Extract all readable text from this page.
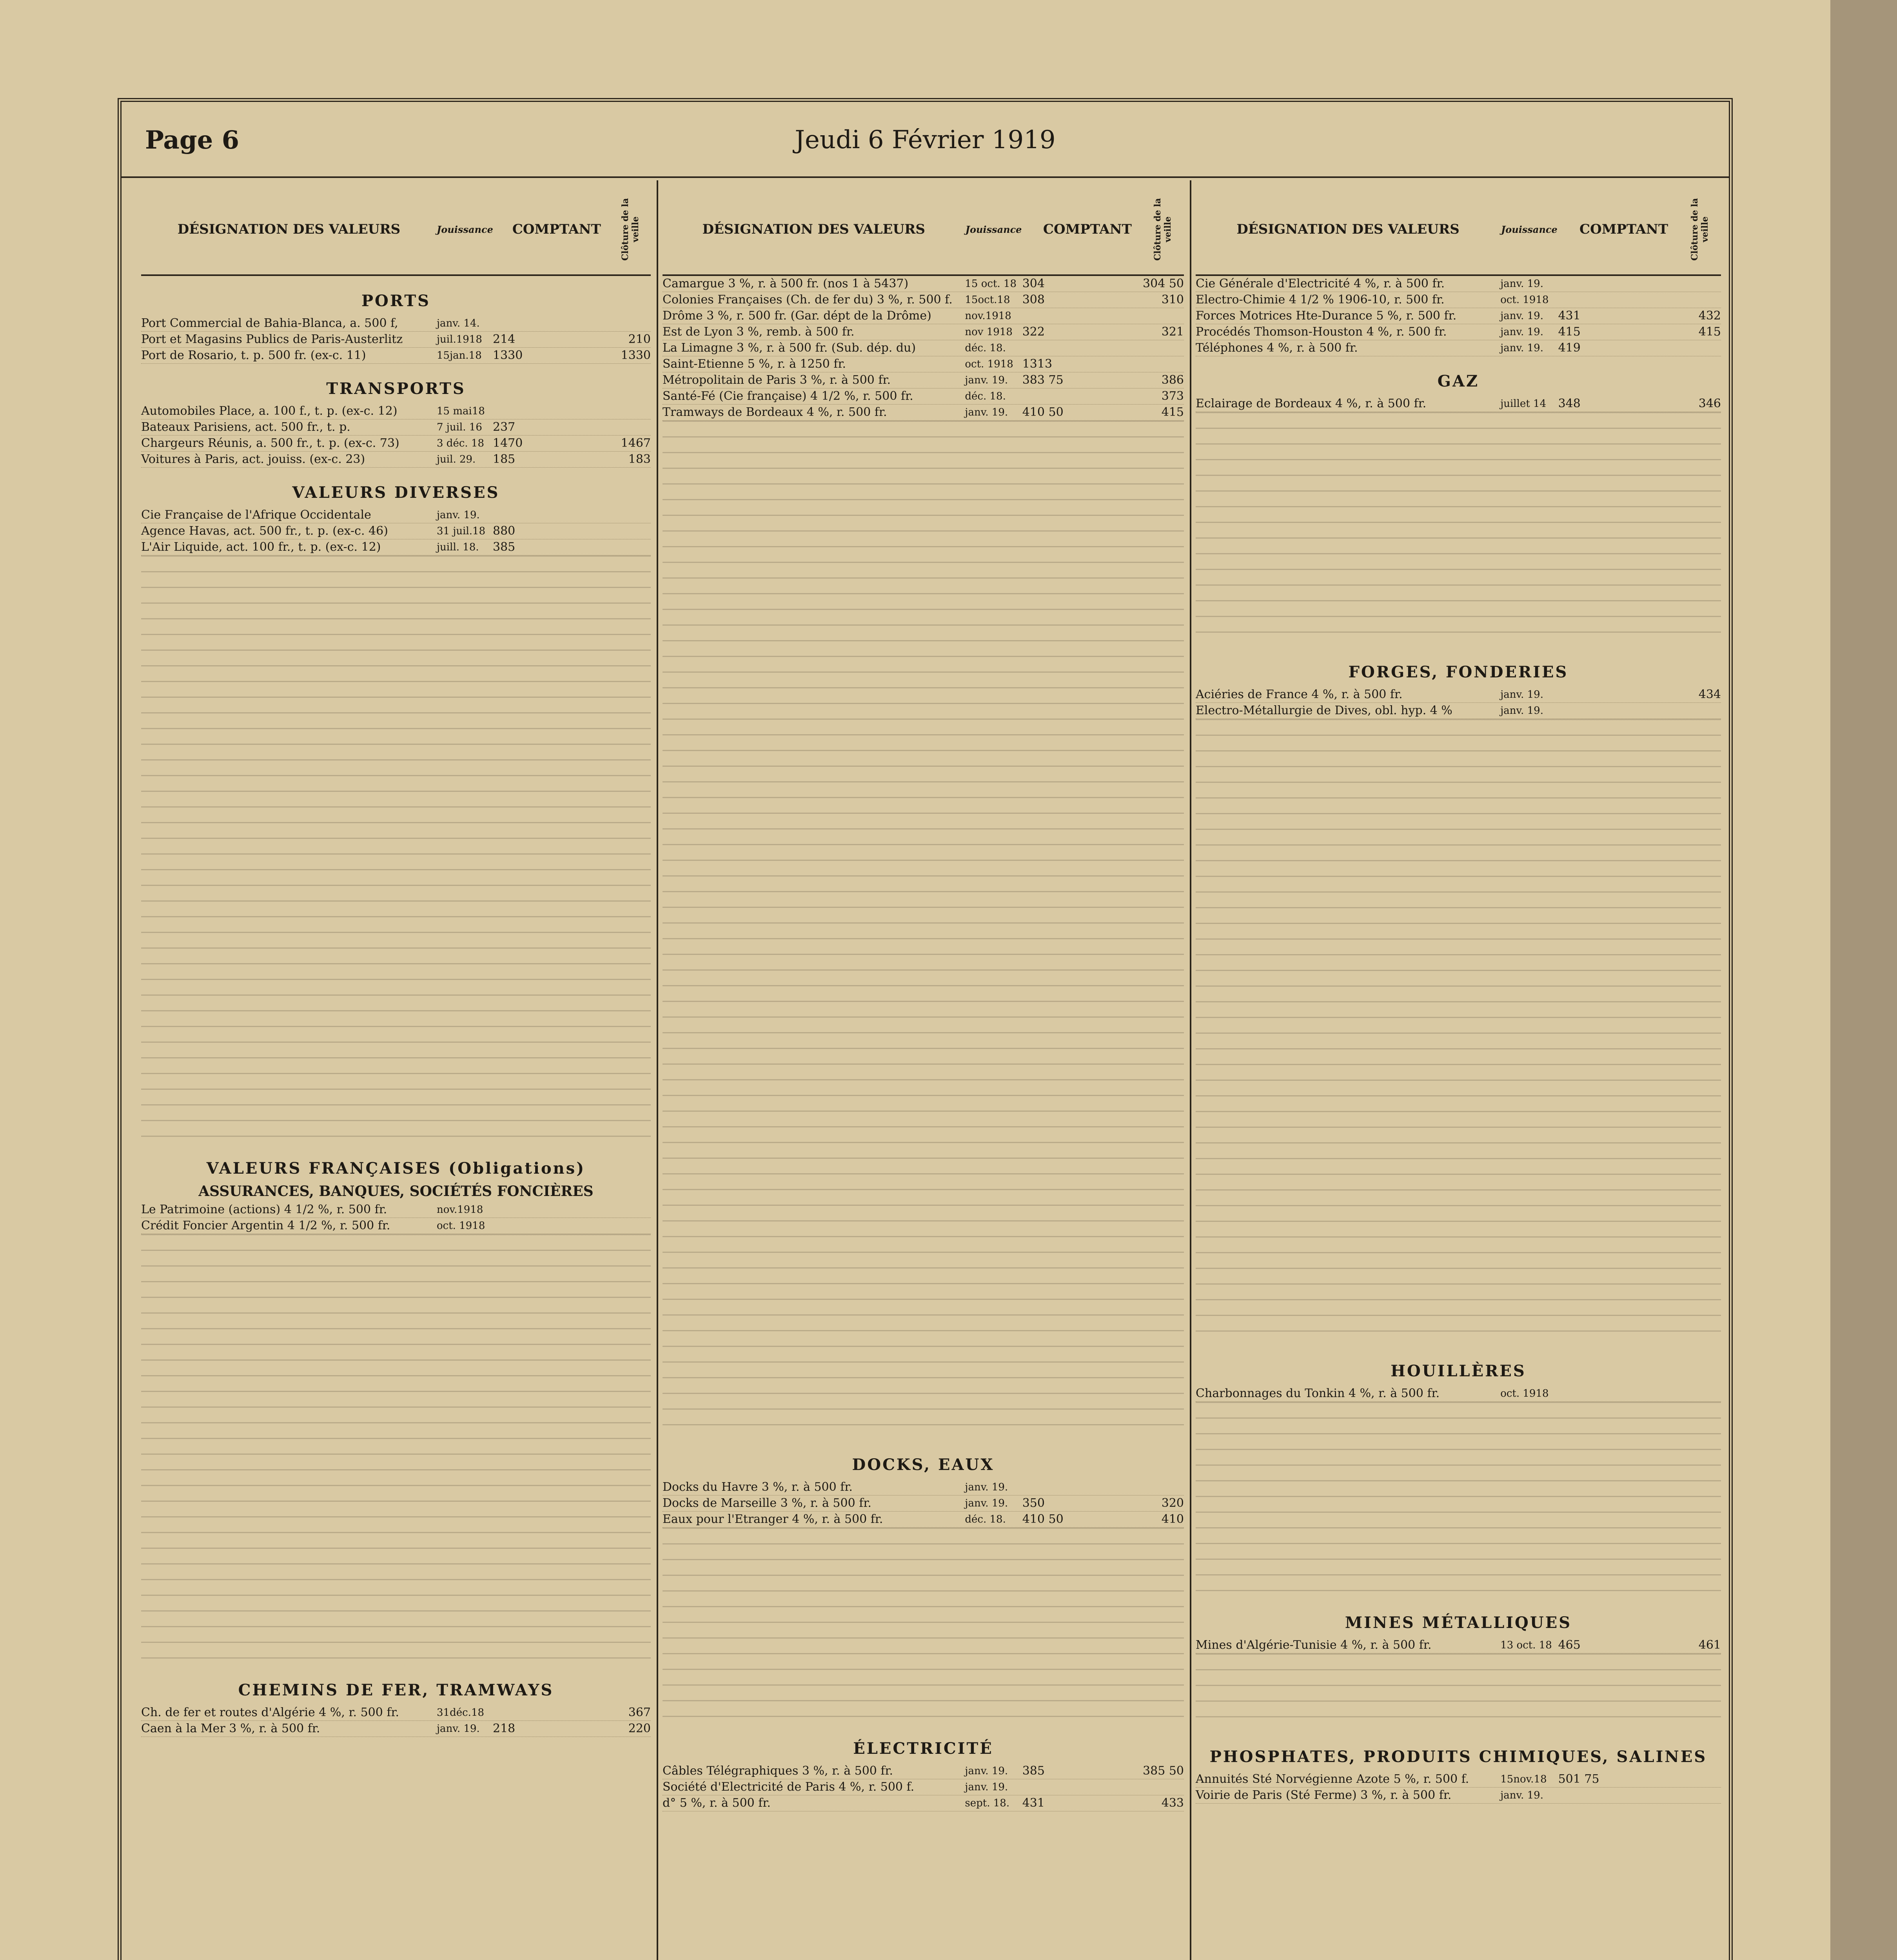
Page 6	Jeudi 6 Février 1919
DÉSIGNATION DES VALEURS	Jouissance	COMPTANT	Clôture de la veille
PORTS
Port Commercial de Bahia-Blanca, a. 500 f,	janv. 14.
Port et Magasins Publics de Paris-Austerlitz	juil.1918 214	210
Port de Rosario, t. p. 500 fr. (ex-c. 11)	15jan.18 1330	1330
TRANSPORTS
Automobiles Place, a. 100 f., t. p. (ex-c. 12)	15 mai18
Bateaux Parisiens, act. 500 fr., t. p.	7 juil. 16 237
Chargeurs Réunis, a. 500 fr., t. p. (ex-c. 73)	3 déc. 18 1470	1467
Voitures à Paris, act. jouiss. (ex-c. 23)	juil. 29.	185	183
VALEURS DIVERSES
Cie Française de l'Afrique Occidentale	janv. 19.
Agence Havas, act. 500 fr., t. p. (ex-c. 46)	31 juil.18 880
L'Air Liquide, act. 100 fr., t. p. (ex-c. 12)	juill. 18.	385
VALEURS FRANÇAISES (Obligations)
ASSURANCES, BANQUES, SOCIÉTÉS FONCIÈRES
Le Patrimoine (actions) 4 1/2 %, r. 500 fr.	nov.1918
Crédit Foncier Argentin 4 1/2 %, r. 500 fr.	oct. 1918
CHEMINS DE FER, TRAMWAYS
Ch. de fer et routes d'Algérie 4 %, r. 500 fr.	31déc.18	367
Caen à la Mer 3 %, r. à 500 fr.	janv. 19.	218	220
DÉSIGNATION DES VALEURS	Jouissance	COMPTANT	Clôture de la veille
Camargue 3 %, r. à 500 fr. (nos 1 à 5437)	15 oct. 18 304	304 50
Colonies Françaises (Ch. de fer du) 3 %, r. 500 f.	15oct.18	308	310
Drôme 3 %, r. 500 fr. (Gar. dépt de la Drôme)	nov.1918
Est de Lyon 3 %, remb. à 500 fr.	nov 1918 322	321
La Limagne 3 %, r. à 500 fr. (Sub. dép. du)	déc. 18.
Saint-Etienne 5 %, r. à 1250 fr.	oct. 1918 1313
Métropolitain de Paris 3 %, r. à 500 fr.	janv. 19.	383 75	386
Santé-Fé (Cie française) 4 1/2 %, r. 500 fr.	déc. 18.	373
Tramways de Bordeaux 4 %, r. 500 fr.	janv. 19.	410 50	415
DOCKS, EAUX
Docks du Havre 3 %, r. à 500 fr.	janv. 19.
Docks de Marseille 3 %, r. à 500 fr.	janv. 19.	350	320
Eaux pour l'Etranger 4 %, r. à 500 fr.	déc. 18.	410 50	410
ÉLECTRICITÉ
Câbles Télégraphiques 3 %, r. à 500 fr.	janv. 19.	385	385 50
Société d'Electricité de Paris 4 %, r. 500 f.	janv. 19.
d° 5 %, r. à 500 fr.	sept. 18.	431	433
DÉSIGNATION DES VALEURS	Jouissance	COMPTANT	Clôture de la veille
Cie Générale d'Electricité 4 %, r. à 500 fr.	janv. 19.
Electro-Chimie 4 1/2 % 1906-10, r. 500 fr.	oct. 1918
Forces Motrices Hte-Durance 5 %, r. 500 fr.	janv. 19.	431	432
Procédés Thomson-Houston 4 %, r. 500 fr.	janv. 19.	415	415
Téléphones 4 %, r. à 500 fr.	janv. 19.	419
GAZ
Eclairage de Bordeaux 4 %, r. à 500 fr.	juillet 14	348	346
FORGES, FONDERIES
Aciéries de France 4 %, r. à 500 fr.	janv. 19.	434
Electro-Métallurgie de Dives, obl. hyp. 4 %	janv. 19.
HOUILLÈRES
Charbonnages du Tonkin 4 %, r. à 500 fr.	oct. 1918
MINES MÉTALLIQUES
Mines d'Algérie-Tunisie 4 %, r. à 500 fr.	13 oct. 18 465	461
PHOSPHATES, PRODUITS CHIMIQUES, SALINES
Annuités Sté Norvégienne Azote 5 %, r. 500 f.	15nov.18 501 75
Voirie de Paris (Sté Ferme) 3 %, r. à 500 fr.	janv. 19.
